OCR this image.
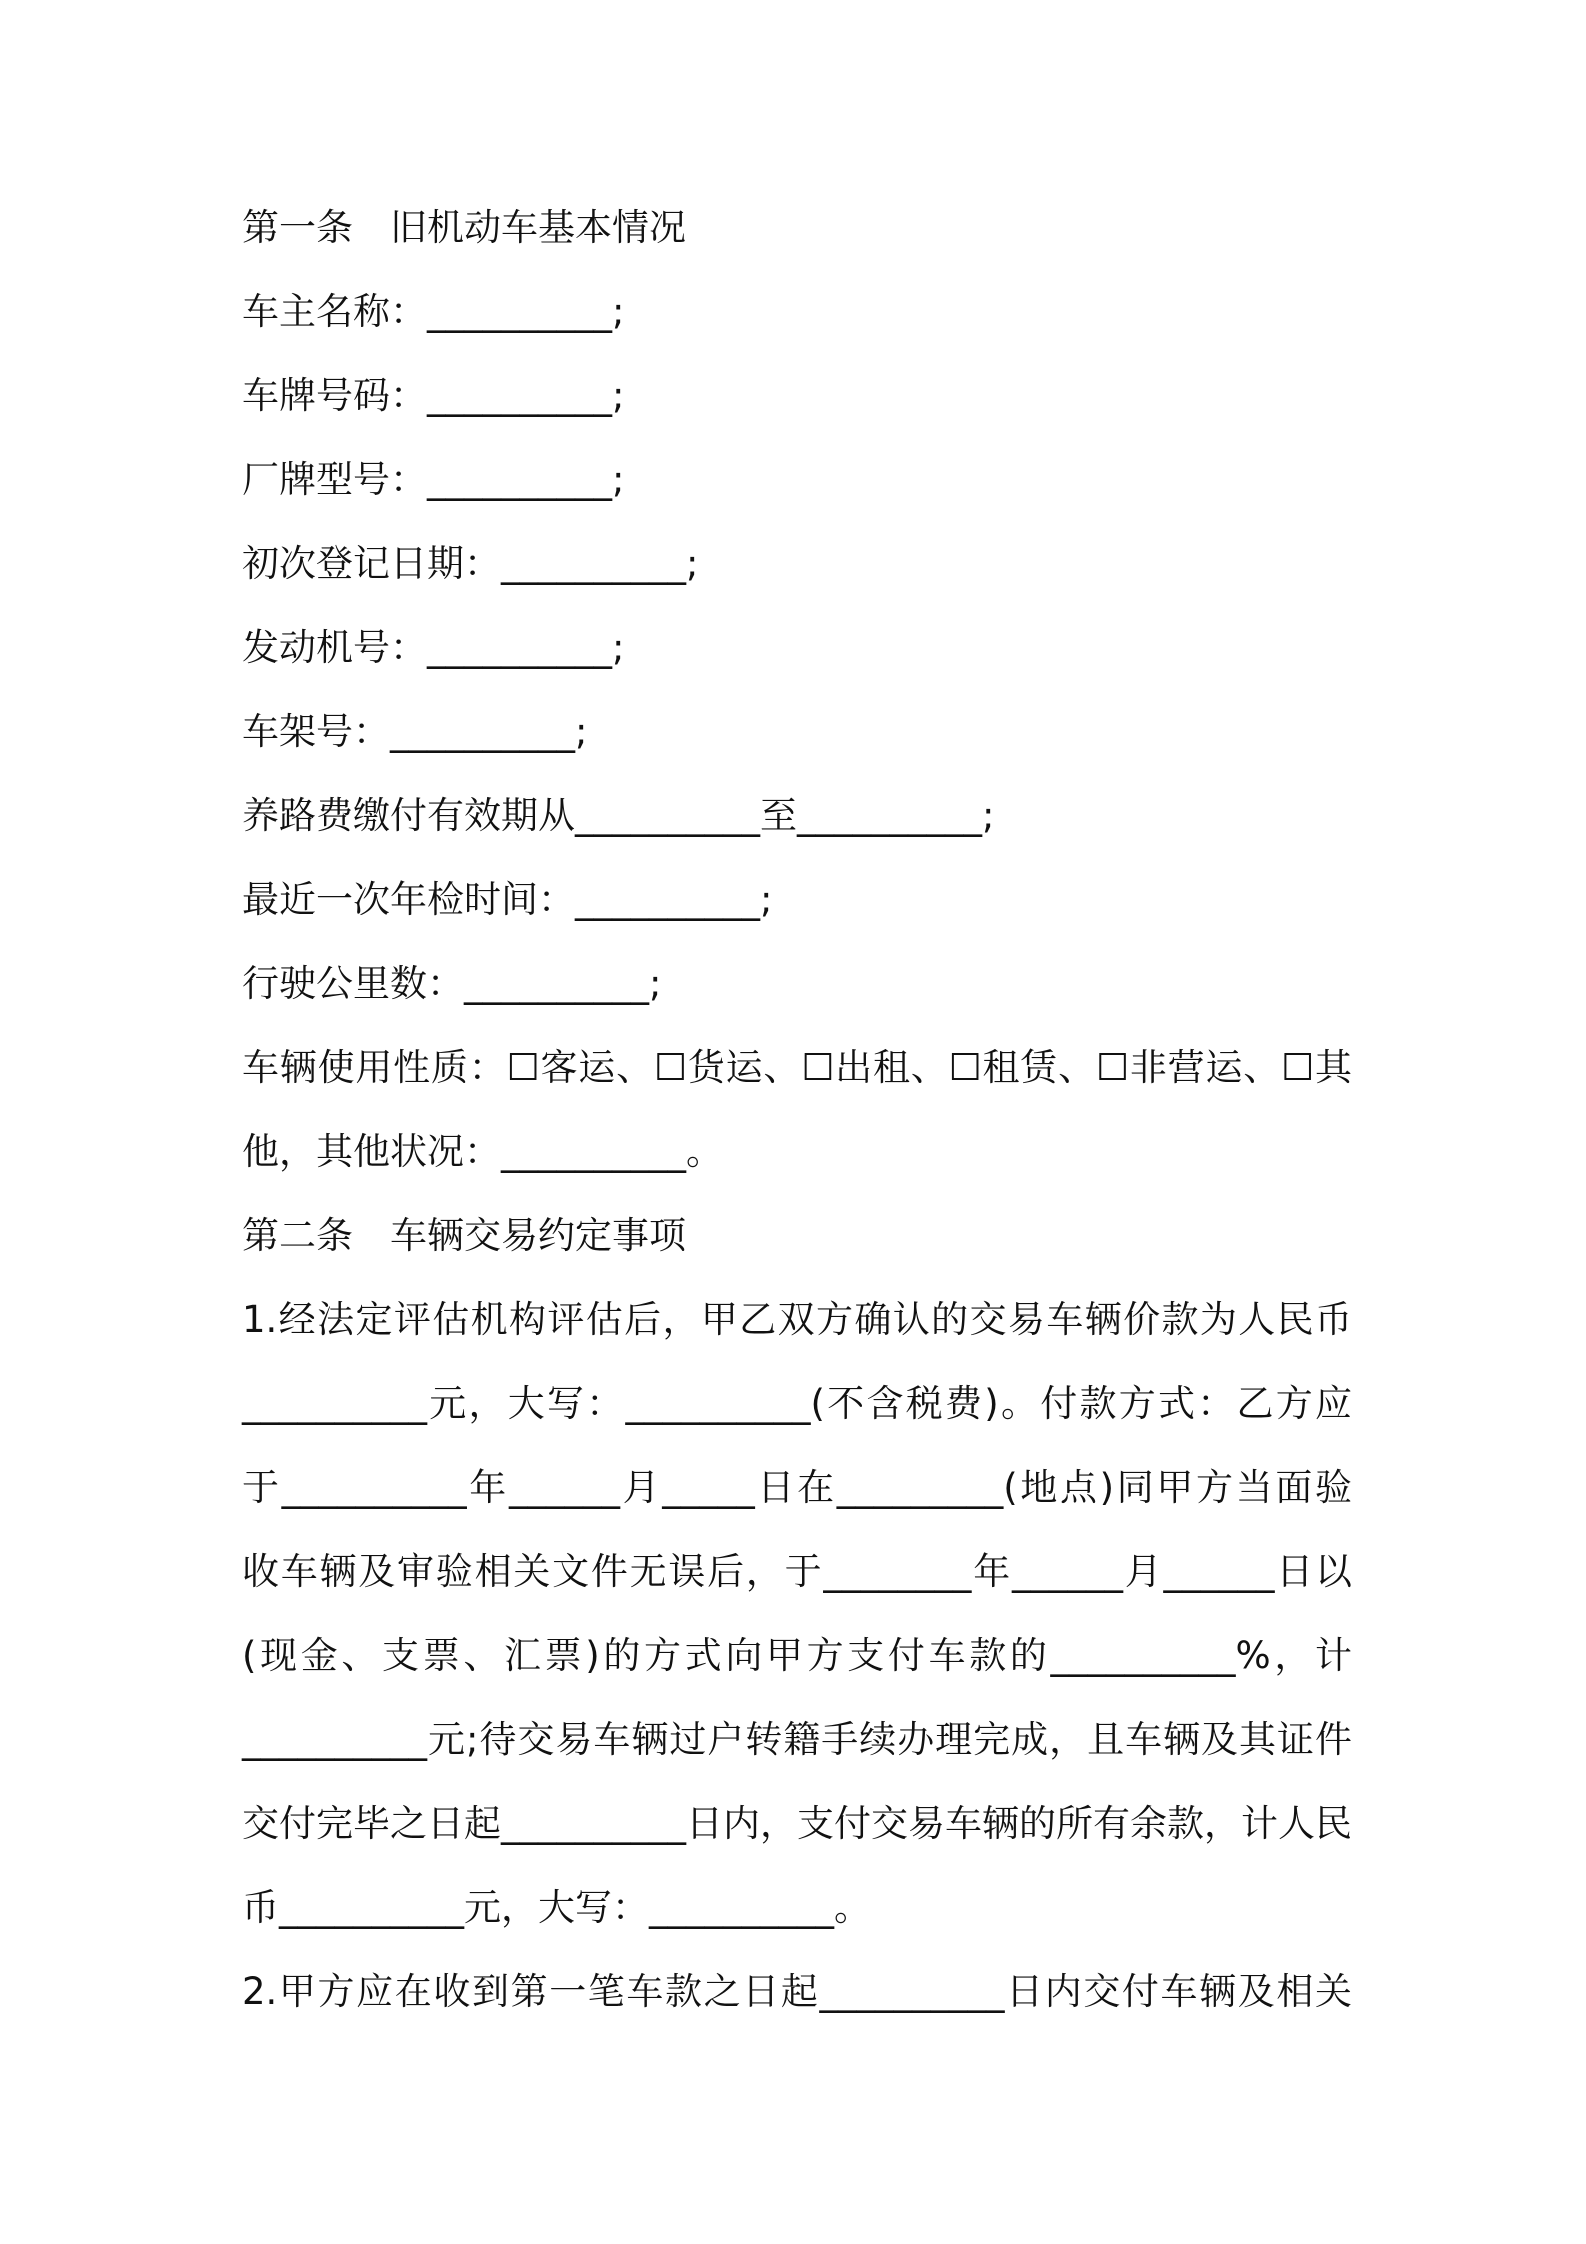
第一条　旧机动车基本情况
车主名称：__________;
车牌号码：__________;
厂牌型号：__________;
初次登记日期：__________;
发动机号：__________;
车架号：__________;
养路费缴付有效期从__________至__________;
最近一次年检时间：__________;
行驶公里数：__________;
车辆使用性质：☐客运、☐货运、☐出租、☐租赁、☐非营运、☐其
他，其他状况：__________。
第二条　车辆交易约定事项
1.经法定评估机构评估后，甲乙双方确认的交易车辆价款为人民币
__________元，大写：__________(不含税费)。付款方式：乙方应
于__________年______月_____日在_________(地点)同甲方当面验
收车辆及审验相关文件无误后，于________年______月______日以
(现金、支票、汇票)的方式向甲方支付车款的__________%，计
__________元;待交易车辆过户转籍手续办理完成，且车辆及其证件
交付完毕之日起__________日内，支付交易车辆的所有余款，计人民
币__________元，大写：__________。
2.甲方应在收到第一笔车款之日起__________日内交付车辆及相关
